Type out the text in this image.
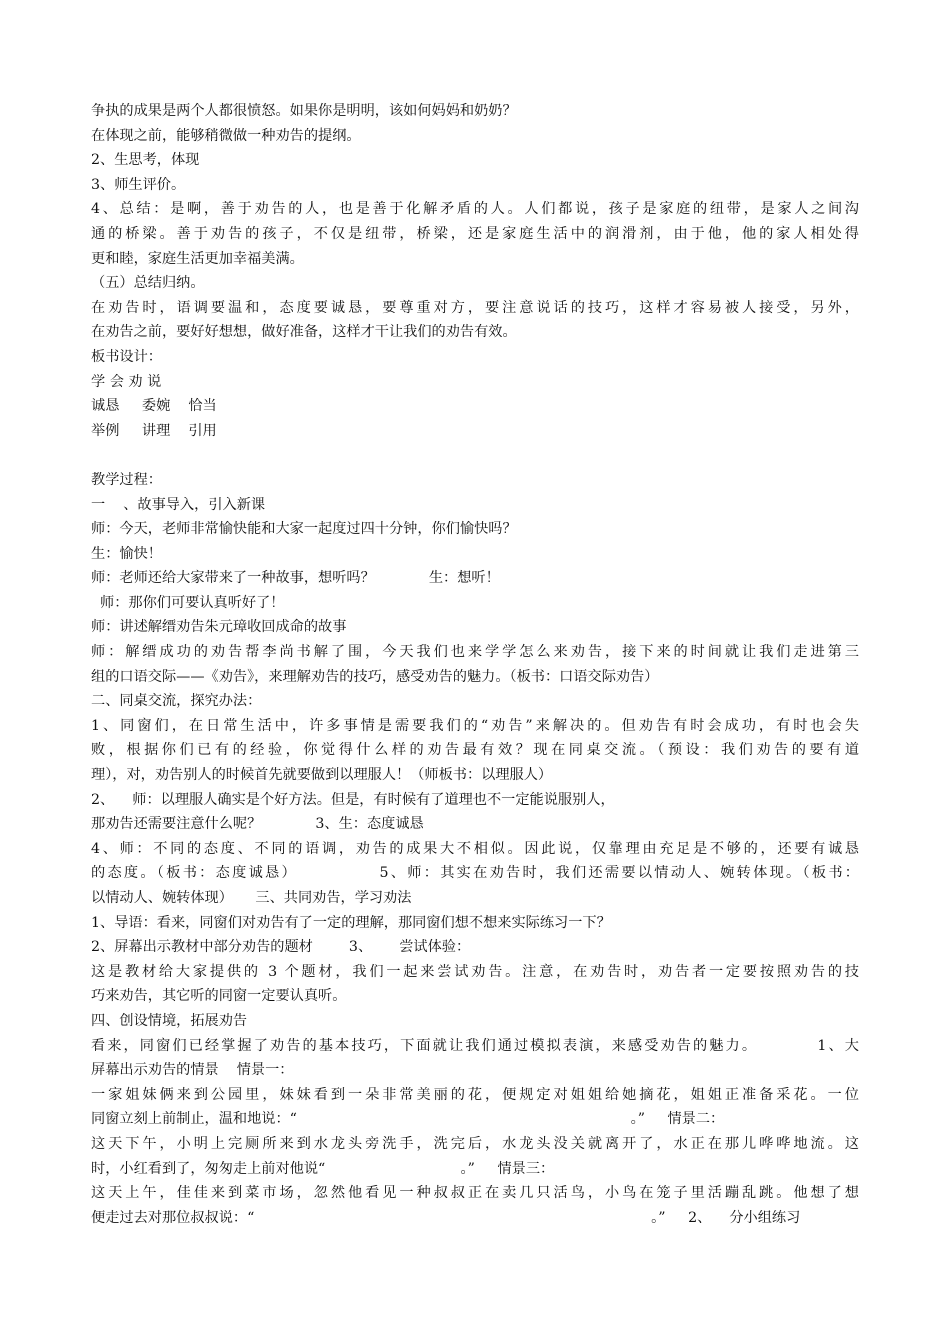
争执的成果是两个人都很愤怒。如果你是明明，该如何妈妈和奶奶？
在体现之前，能够稍微做一种劝告的提纲。
2、生思考，体现
3、师生评价。
4、总结：是啊，善于劝告的人，也是善于化解矛盾的人。人们都说，孩子是家庭的纽带，是家人之间沟
通的桥梁。善于劝告的孩子，不仅是纽带，桥梁，还是家庭生活中的润滑剂，由于他，他的家人相处得
更和睦，家庭生活更加幸福美满。
（五）总结归纳。
在劝告时，语调要温和，态度要诚恳，要尊重对方，要注意说话的技巧，这样才容易被人接受，另外，
在劝告之前，要好好想想，做好准备，这样才干让我们的劝告有效。
板书设计：
学 会 劝 说
诚恳     委婉    恰当
举例     讲理    引用
教学过程：
一    、故事导入，引入新课
师：今天，老师非常愉快能和大家一起度过四十分钟，你们愉快吗？
生：愉快！
师：老师还给大家带来了一种故事，想听吗？            生：想听！
师：那你们可要认真听好了！
师：讲述解缙劝告朱元璋收回成命的故事
师：解缙成功的劝告帮李尚书解了围，今天我们也来学学怎么来劝告，接下来的时间就让我们走进第三
组的口语交际——《劝告》，来理解劝告的技巧，感受劝告的魅力。（板书：口语交际劝告）
二、同桌交流，探究办法：
1、同窗们，在日常生活中，许多事情是需要我们的“劝告”来解决的。但劝告有时会成功，有时也会失
败，根据你们已有的经验，你觉得什么样的劝告最有效？现在同桌交流。（预设：我们劝告的要有道
理），对，劝告别人的时候首先就要做到以理服人！（师板书：以理服人）
2、    师：以理服人确实是个好方法。但是，有时候有了道理也不一定能说服别人，
那劝告还需要注意什么呢？            3、生：态度诚恳
4、师：不同的态度、不同的语调，劝告的成果大不相似。因此说，仅靠理由充足是不够的，还要有诚恳
的态度。（板书：态度诚恳）            5、师：其实在劝告时，我们还需要以情动人、婉转体现。（板书：
以情动人、婉转体现）     三、共同劝告，学习劝法
1、导语：看来，同窗们对劝告有了一定的理解，那同窗们想不想来实际练习一下？
2、屏幕出示教材中部分劝告的题材        3、      尝试体验：
这是教材给大家提供的 3 个题材，我们一起来尝试劝告。注意，在劝告时，劝告者一定要按照劝告的技
巧来劝告，其它听的同窗一定要认真听。
四、创设情境，拓展劝告
看来，同窗们已经掌握了劝告的基本技巧，下面就让我们通过模拟表演，来感受劝告的魅力。         1、大
屏幕出示劝告的情景    情景一：
一家姐妹俩来到公园里，妹妹看到一朵非常美丽的花，便规定对姐姐给她摘花，姐姐正准备采花。一位
同窗立刻上前制止，温和地说：“                                                                          。”     情景二：
这天下午，小明上完厕所来到水龙头旁洗手，洗完后，水龙头没关就离开了，水正在那儿哗哗地流。这
时，小红看到了，匆匆走上前对他说“                              。”     情景三：
这天上午，佳佳来到菜市场，忽然他看见一种叔叔正在卖几只活鸟，小鸟在笼子里活蹦乱跳。他想了想
便走过去对那位叔叔说：“                                                                                        。”     2、    分小组练习
